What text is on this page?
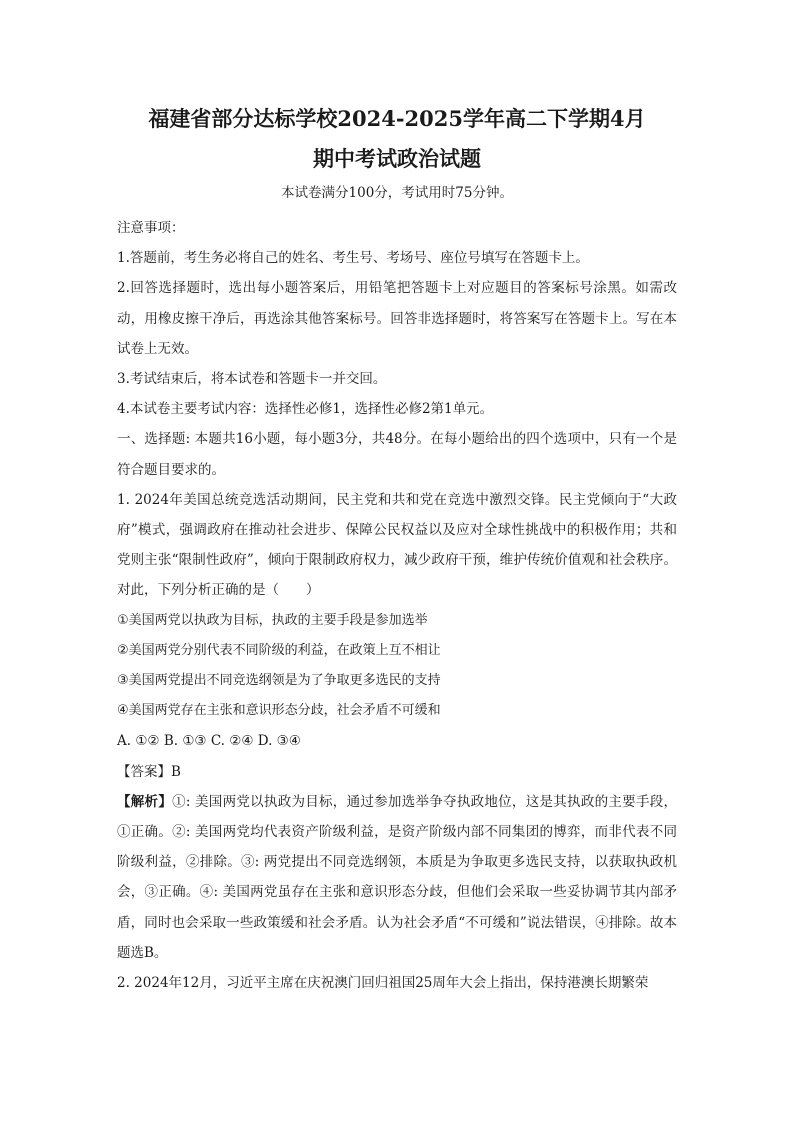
福建省部分达标学校2024-2025学年高二下学期4月
期中考试政治试题
本试卷满分100分，考试用时75分钟。
注意事项：
1.答题前，考生务必将自己的姓名、考生号、考场号、座位号填写在答题卡上。
2.回答选择题时，选出每小题答案后，用铅笔把答题卡上对应题目的答案标号涂黑。如需改动，用橡皮擦干净后，再选涂其他答案标号。回答非选择题时，将答案写在答题卡上。写在本试卷上无效。
3.考试结束后，将本试卷和答题卡一并交回。
4.本试卷主要考试内容：选择性必修1，选择性必修2第1单元。
一、选择题: 本题共16小题，每小题3分，共48分。在每小题给出的四个选项中，只有一个是符合题目要求的。
1. 2024年美国总统竞选活动期间，民主党和共和党在竞选中激烈交锋。民主党倾向于“大政府”模式，强调政府在推动社会进步、保障公民权益以及应对全球性挑战中的积极作用；共和党则主张“限制性政府”，倾向于限制政府权力，减少政府干预，维护传统价值观和社会秩序。对此，下列分析正确的是（　　）
①美国两党以执政为目标，执政的主要手段是参加选举
②美国两党分别代表不同阶级的利益，在政策上互不相让
③美国两党提出不同竞选纲领是为了争取更多选民的支持
④美国两党存在主张和意识形态分歧，社会矛盾不可缓和
A. ①② B. ①③ C. ②④ D. ③④
【答案】B
【解析】①: 美国两党以执政为目标，通过参加选举争夺执政地位，这是其执政的主要手段，①正确。②: 美国两党均代表资产阶级利益，是资产阶级内部不同集团的博弈，而非代表不同阶级利益，②排除。③: 两党提出不同竞选纲领，本质是为争取更多选民支持，以获取执政机会，③正确。④: 美国两党虽存在主张和意识形态分歧，但他们会采取一些妥协调节其内部矛盾，同时也会采取一些政策缓和社会矛盾。认为社会矛盾“不可缓和”说法错误，④排除。故本题选B。
2. 2024年12月，习近平主席在庆祝澳门回归祖国25周年大会上指出，保持港澳长期繁荣
